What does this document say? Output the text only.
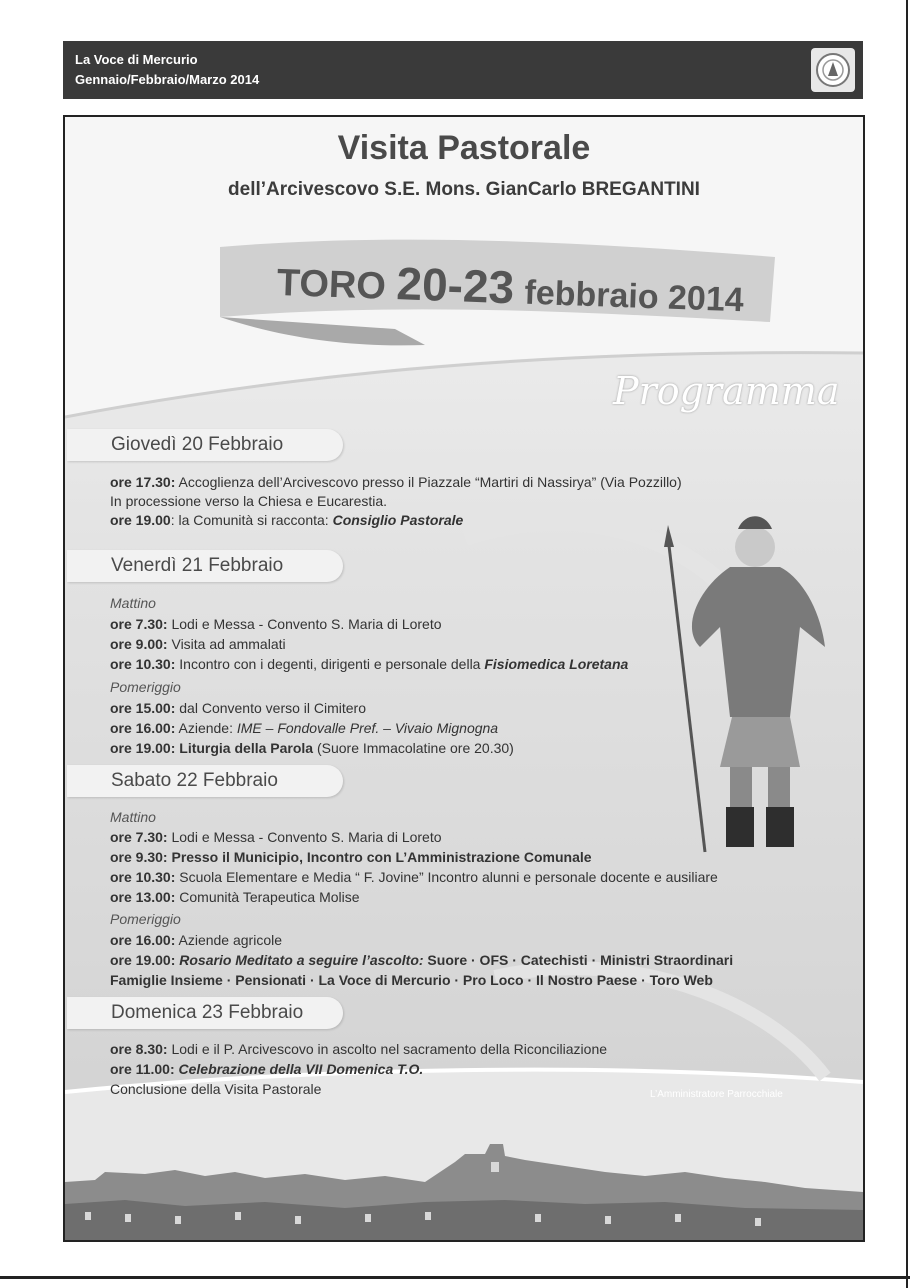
La Voce di Mercurio
Gennaio/Febbraio/Marzo 2014
Visita Pastorale
dell’Arcivescovo S.E. Mons. GianCarlo BREGANTINI
TORO 20-23 febbraio 2014
Programma
Giovedì 20 Febbraio
ore 17.30: Accoglienza dell’Arcivescovo presso il Piazzale “Martiri di Nassirya” (Via Pozzillo)
In processione verso la Chiesa e Eucarestia.
ore 19.00: la Comunità si racconta: Consiglio Pastorale
Venerdì 21 Febbraio
Mattino
ore 7.30: Lodi e Messa - Convento S. Maria di Loreto
ore 9.00: Visita ad ammalati
ore 10.30: Incontro con i degenti, dirigenti e personale della Fisiomedica Loretana
Pomeriggio
ore 15.00: dal Convento verso il Cimitero
ore 16.00: Aziende: IME – Fondovalle Pref. – Vivaio Mignogna
ore 19.00: Liturgia della Parola (Suore Immacolatine ore 20.30)
Sabato 22 Febbraio
Mattino
ore 7.30: Lodi e Messa - Convento S. Maria di Loreto
ore 9.30: Presso il Municipio, Incontro con L’Amministrazione Comunale
ore 10.30: Scuola Elementare e Media “ F. Jovine” Incontro alunni e personale docente e ausiliare
ore 13.00: Comunità Terapeutica Molise
Pomeriggio
ore 16.00: Aziende agricole
ore 19.00: Rosario Meditato a seguire l’ascolto: Suore · OFS · Catechisti · Ministri Straordinari
Famiglie Insieme · Pensionati · La Voce di Mercurio · Pro Loco · Il Nostro Paese · Toro Web
Domenica 23 Febbraio
ore 8.30: Lodi e il P. Arcivescovo in ascolto nel sacramento della Riconciliazione
ore 11.00: Celebrazione della VII Domenica T.O.
Conclusione della Visita Pastorale	L’Amministratore Parrocchiale
